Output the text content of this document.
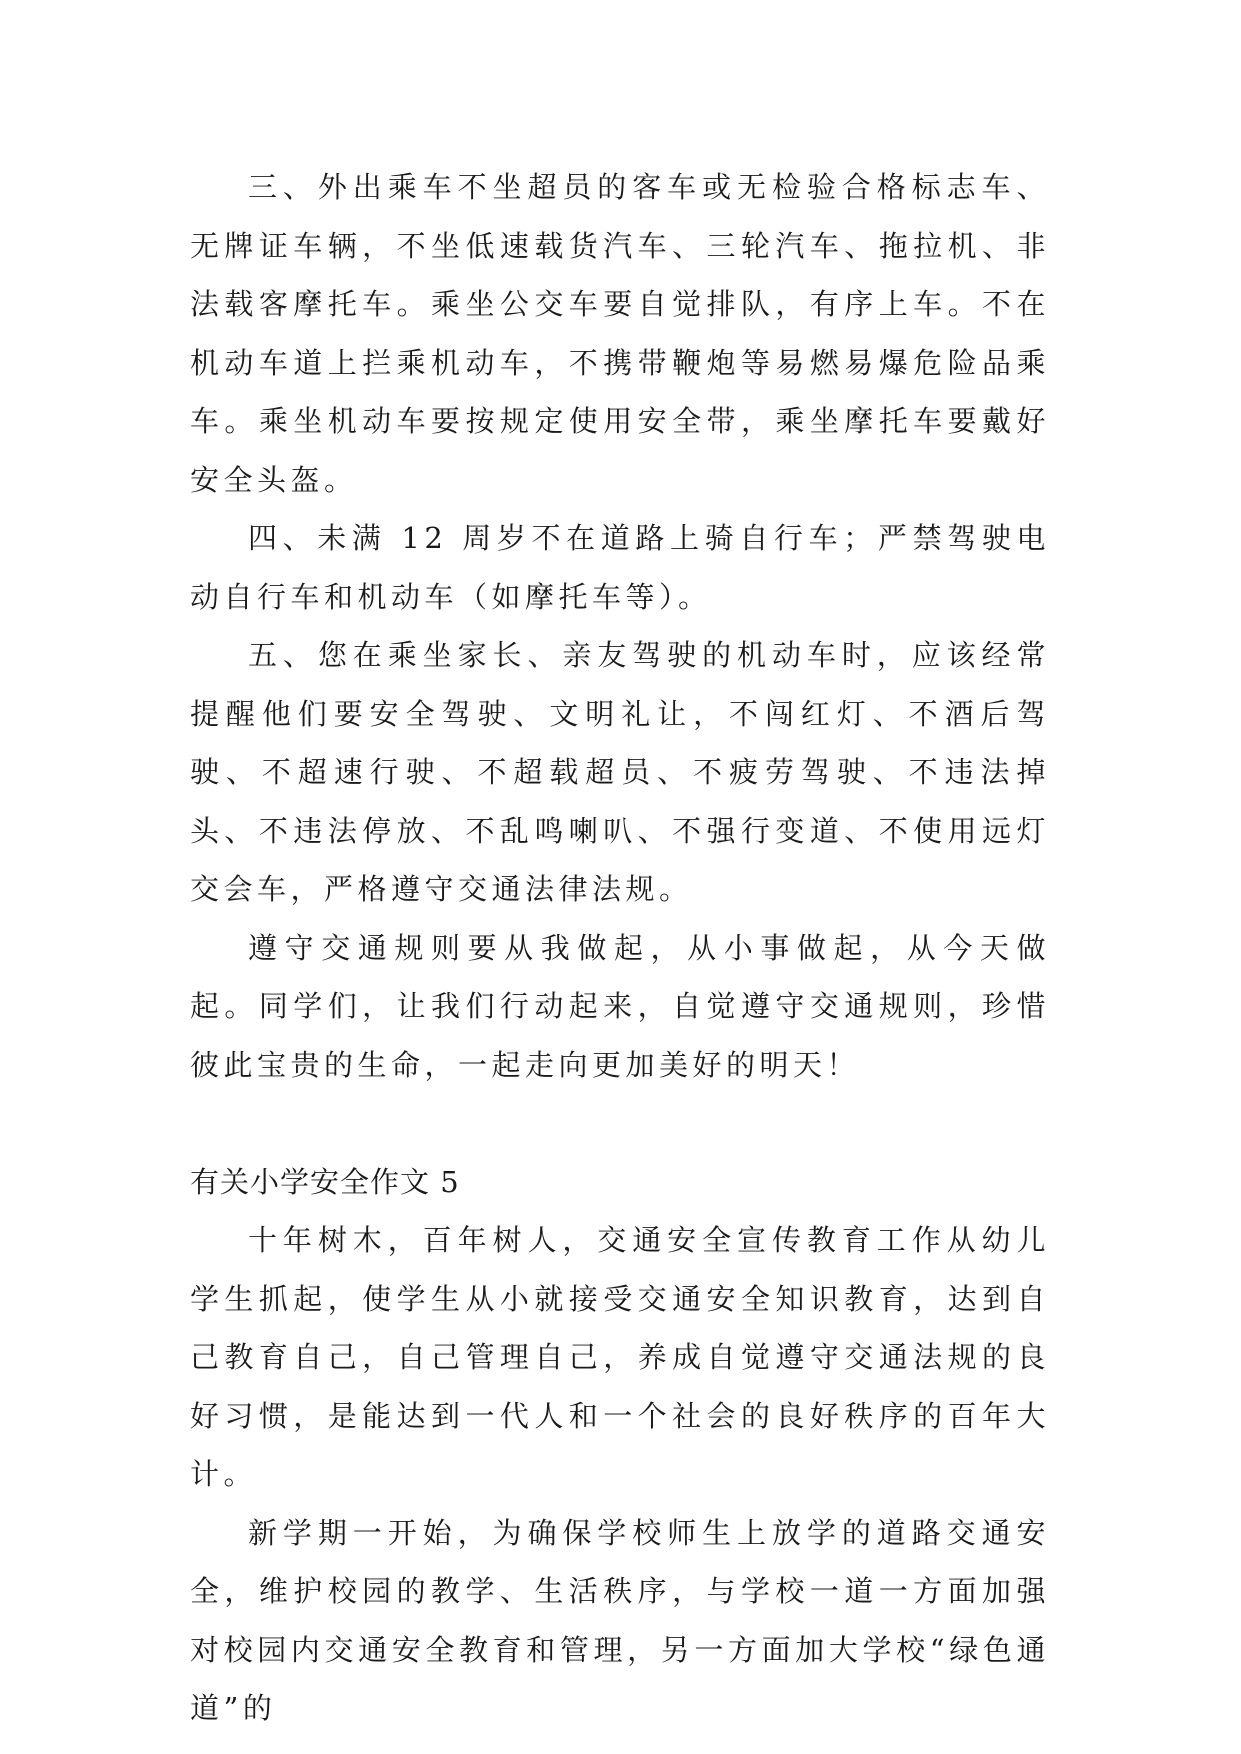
三、外出乘车不坐超员的客车或无检验合格标志车、无牌证车辆，不坐低速载货汽车、三轮汽车、拖拉机、非法载客摩托车。乘坐公交车要自觉排队，有序上车。不在机动车道上拦乘机动车，不携带鞭炮等易燃易爆危险品乘车。乘坐机动车要按规定使用安全带，乘坐摩托车要戴好安全头盔。

四、未满 12 周岁不在道路上骑自行车；严禁驾驶电动自行车和机动车（如摩托车等）。

五、您在乘坐家长、亲友驾驶的机动车时，应该经常提醒他们要安全驾驶、文明礼让，不闯红灯、不酒后驾驶、不超速行驶、不超载超员、不疲劳驾驶、不违法掉头、不违法停放、不乱鸣喇叭、不强行变道、不使用远灯交会车，严格遵守交通法律法规。

遵守交通规则要从我做起，从小事做起，从今天做起。同学们，让我们行动起来，自觉遵守交通规则，珍惜彼此宝贵的生命，一起走向更加美好的明天！

有关小学安全作文 5

十年树木，百年树人，交通安全宣传教育工作从幼儿学生抓起，使学生从小就接受交通安全知识教育，达到自己教育自己，自己管理自己，养成自觉遵守交通法规的良好习惯，是能达到一代人和一个社会的良好秩序的百年大计。

新学期一开始，为确保学校师生上放学的道路交通安全，维护校园的教学、生活秩序，与学校一道一方面加强对校园内交通安全教育和管理，另一方面加大学校“绿色通道”的
